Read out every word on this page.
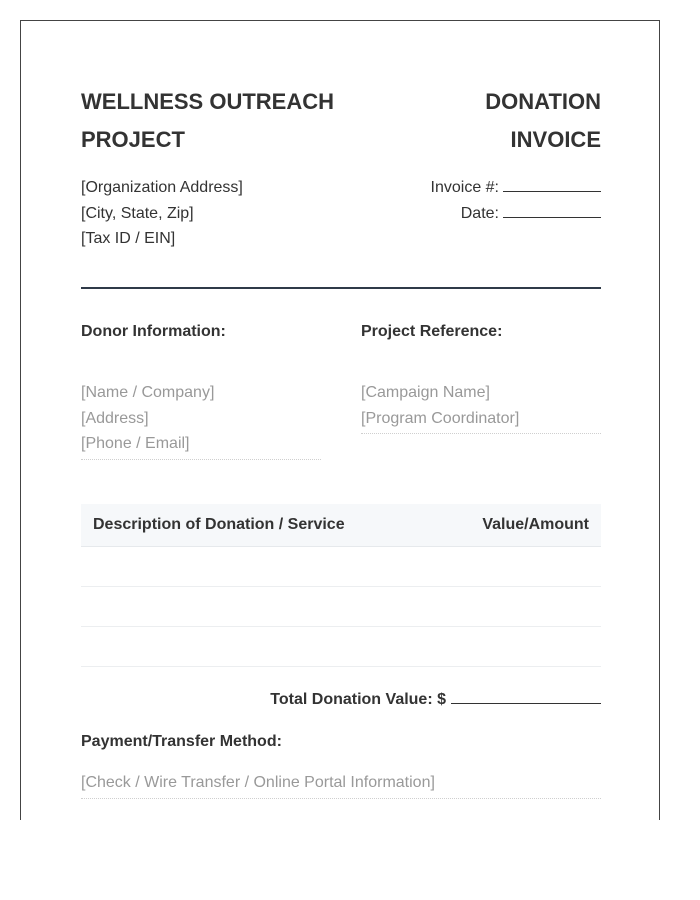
WELLNESS OUTREACH PROJECT
DONATION INVOICE
[Organization Address]
[City, State, Zip]
[Tax ID / EIN]
Invoice #:
Date:
Donor Information:
[Name / Company]
[Address]
[Phone / Email]
Project Reference:
[Campaign Name]
[Program Coordinator]
Description of Donation / Service	Value/Amount
Total Donation Value: $
Payment/Transfer Method:
[Check / Wire Transfer / Online Portal Information]
